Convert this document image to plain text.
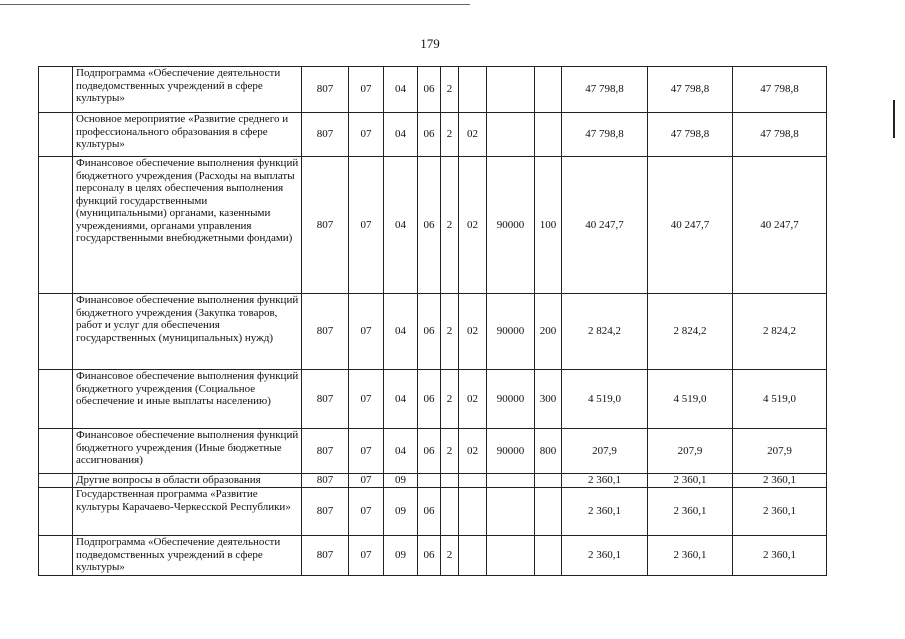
179
	Подпрограмма «Обеспечение деятельности подведомственных учреждений в сфере культуры»	807	07	04	06	2				47 798,8	47 798,8	47 798,8
	Основное мероприятие «Развитие среднего и профессионального образования в сфере культуры»	807	07	04	06	2	02			47 798,8	47 798,8	47 798,8
	Финансовое обеспечение выполнения функций бюджетного учреждения (Расходы на выплаты персоналу в целях обеспечения выполнения функций государственными (муниципальными) органами, казенными учреждениями, органами управления государственными внебюджетными фондами)	807	07	04	06	2	02	90000	100	40 247,7	40 247,7	40 247,7
	Финансовое обеспечение выполнения функций бюджетного учреждения (Закупка товаров, работ и услуг для обеспечения государственных (муниципальных) нужд)	807	07	04	06	2	02	90000	200	2 824,2	2 824,2	2 824,2
	Финансовое обеспечение выполнения функций бюджетного учреждения (Социальное обеспечение и иные выплаты населению)	807	07	04	06	2	02	90000	300	4 519,0	4 519,0	4 519,0
	Финансовое обеспечение выполнения функций бюджетного учреждения (Иные бюджетные ассигнования)	807	07	04	06	2	02	90000	800	207,9	207,9	207,9
	Другие вопросы в области образования	807	07	09						2 360,1	2 360,1	2 360,1
	Государственная программа «Развитие культуры Карачаево-Черкесской Республики»	807	07	09	06					2 360,1	2 360,1	2 360,1
	Подпрограмма «Обеспечение деятельности подведомственных учреждений в сфере культуры»	807	07	09	06	2				2 360,1	2 360,1	2 360,1
